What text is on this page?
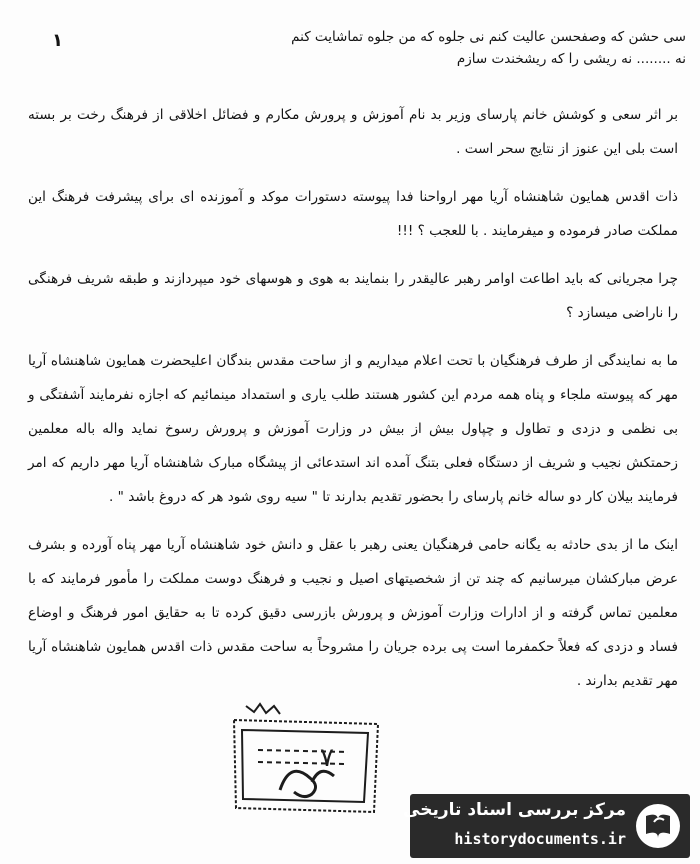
١	سی حشن که وصفحسن عالیت کنم نی جلوه که من جلوه تماشایت کنم
نه ........ نه ریشی را که ریشخندت سازم

بر اثر سعی و کوشش خانم پارسای وزیر بد نام آموزش و پرورش مکارم و فضائل اخلاقی از فرهنگ رخت بر بسته است بلی این عنوز از نتایج سحر است .

ذات اقدس همایون شاهنشاه آریا مهر ارواحنا فدا پیوسته دستورات موکد و آموزنده ای برای پیشرفت فرهنگ این مملکت صادر فرموده و میفرمایند . با للعجب ؟ !!!

چرا مجریانی که باید اطاعت اوامر رهبر عالیقدر را بنمایند به هوی و هوسهای خود میپردازند و طبقه شریف فرهنگی را ناراضی میسازد ؟

ما به نمایندگی از طرف فرهنگیان با تحت اعلام میداریم و از ساحت مقدس بندگان اعلیحضرت همایون شاهنشاه آریا مهر که پیوسته ملجاء و پناه همه مردم این کشور هستند طلب یاری و استمداد مینمائیم که اجازه نفرمایند آشفتگی و بی نظمی و دزدی و تطاول و چپاول بیش از بیش در وزارت آموزش و پرورش رسوخ نماید واله باله معلمین زحمتکش نجیب و شریف از دستگاه فعلی بتنگ آمده اند استدعائی از پیشگاه مبارک شاهنشاه آریا مهر داریم که امر فرمایند بیلان کار دو ساله خانم پارسای را بحضور تقدیم بدارند تا " سیه روی شود هر که دروغ باشد " .

اینک ما از بدی حادثه به یگانه حامی فرهنگیان یعنی رهبر با عقل و دانش خود شاهنشاه آریا مهر پناه آورده و بشرف عرض مبارکشان میرسانیم که چند تن از شخصیتهای اصیل و نجیب و فرهنگ دوست مملکت را مأمور فرمایند که با معلمین تماس گرفته و از ادارات وزارت آموزش و پرورش بازرسی دقیق کرده تا به حقایق امور فرهنگ و اوضاع فساد و دزدی که فعلاً حکمفرما است پی برده جریان را مشروحاً به ساحت مقدس ذات اقدس همایون شاهنشاه آریا مهر تقدیم بدارند .

٧
مرکز بررسی اسناد تاریخی
historydocuments.ir
